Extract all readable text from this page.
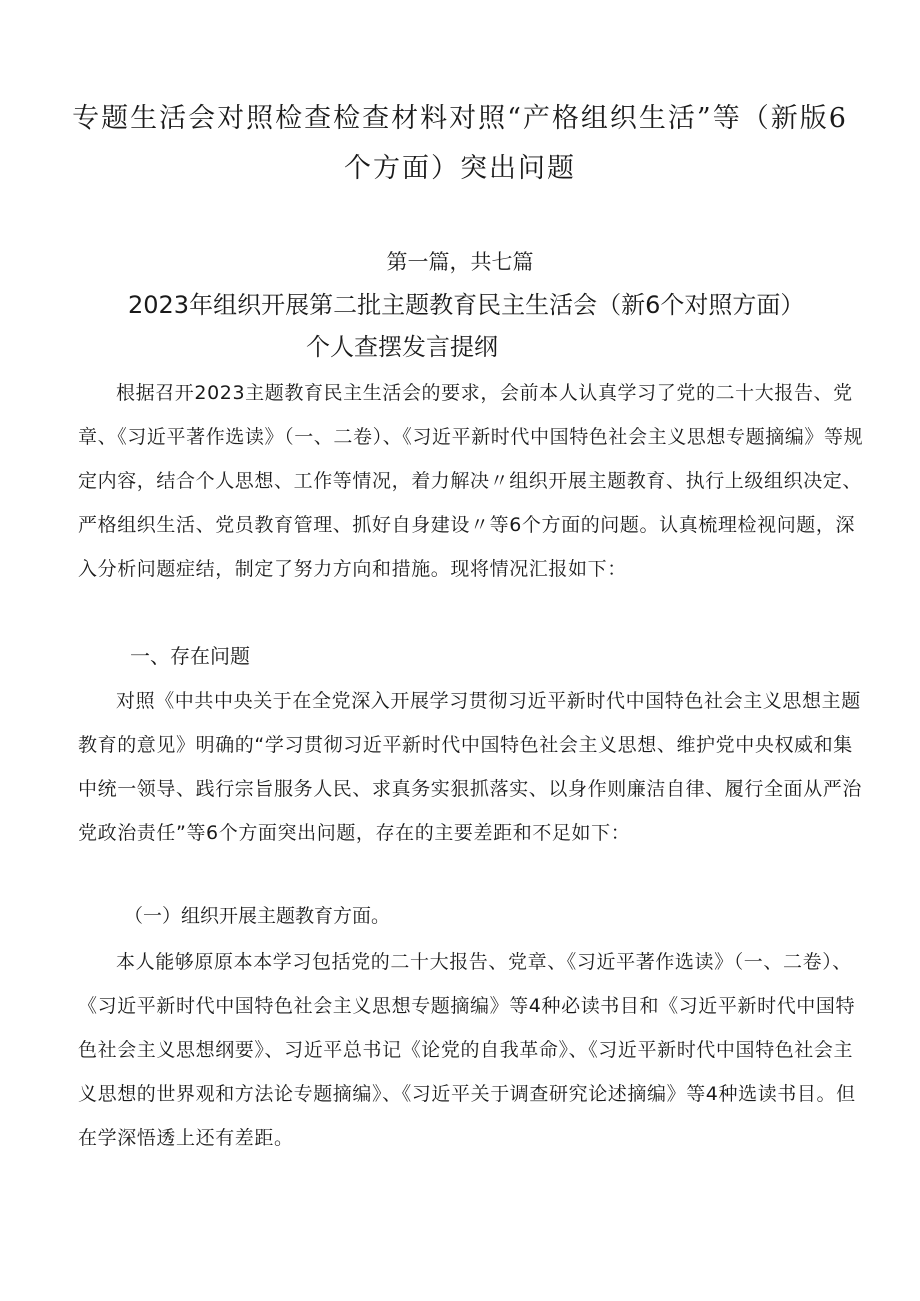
专题生活会对照检查检查材料对照“产格组织生活”等（新版6个方面）突出问题

第一篇，共七篇

2023年组织开展第二批主题教育民主生活会（新6个对照方面）
个人查摆发言提纲

根据召开2023主题教育民主生活会的要求，会前本人认真学习了党的二十大报告、党章、《习近平著作选读》（一、二卷）、《习近平新时代中国特色社会主义思想专题摘编》等规定内容，结合个人思想、工作等情况，着力解决〃组织开展主题教育、执行上级组织决定、严格组织生活、党员教育管理、抓好自身建设〃等6个方面的问题。认真梳理检视问题，深入分析问题症结，制定了努力方向和措施。现将情况汇报如下：

一、存在问题

对照《中共中央关于在全党深入开展学习贯彻习近平新时代中国特色社会主义思想主题教育的意见》明确的“学习贯彻习近平新时代中国特色社会主义思想、维护党中央权威和集中统一领导、践行宗旨服务人民、求真务实狠抓落实、以身作则廉洁自律、履行全面从严治党政治责任”等6个方面突出问题，存在的主要差距和不足如下：

（一）组织开展主题教育方面。

本人能够原原本本学习包括党的二十大报告、党章、《习近平著作选读》（一、二卷）、《习近平新时代中国特色社会主义思想专题摘编》等4种必读书目和《习近平新时代中国特色社会主义思想纲要》、习近平总书记《论党的自我革命》、《习近平新时代中国特色社会主义思想的世界观和方法论专题摘编》、《习近平关于调查研究论述摘编》等4种选读书目。但在学深悟透上还有差距。
